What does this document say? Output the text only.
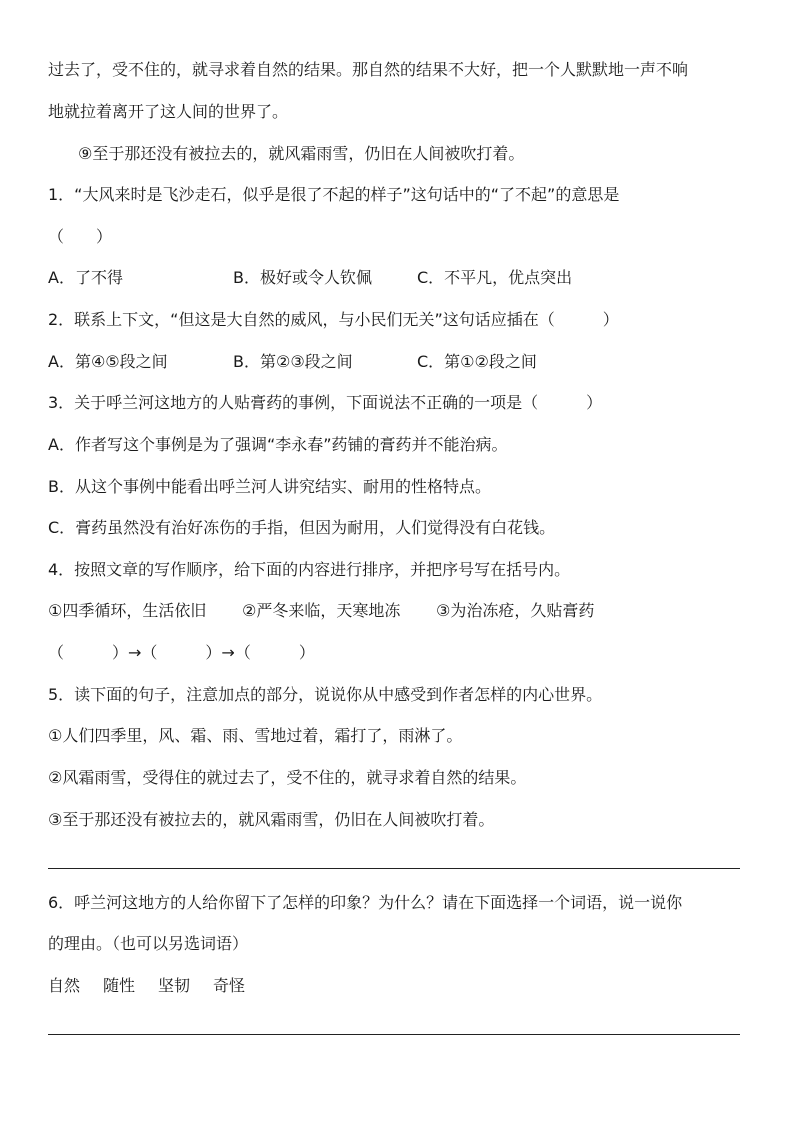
过去了，受不住的，就寻求着自然的结果。那自然的结果不大好，把一个人默默地一声不响
地就拉着离开了这人间的世界了。
⑨至于那还没有被拉去的，就风霜雨雪，仍旧在人间被吹打着。
1．“大风来时是飞沙走石，似乎是很了不起的样子”这句话中的“了不起”的意思是
（　　）
A．了不得	B．极好或令人钦佩	C．不平凡，优点突出
2．联系上下文，“但这是大自然的威风，与小民们无关”这句话应插在（　　　）
A．第④⑤段之间	B．第②③段之间	C．第①②段之间
3．关于呼兰河这地方的人贴膏药的事例，下面说法不正确的一项是（　　　）
A．作者写这个事例是为了强调“李永春”药铺的膏药并不能治病。
B．从这个事例中能看出呼兰河人讲究结实、耐用的性格特点。
C．膏药虽然没有治好冻伤的手指，但因为耐用，人们觉得没有白花钱。
4．按照文章的写作顺序，给下面的内容进行排序，并把序号写在括号内。
①四季循环，生活依旧	②严冬来临，天寒地冻	③为治冻疮，久贴膏药
（　　　）→（　　　）→（　　　）
5．读下面的句子，注意加点的部分，说说你从中感受到作者怎样的内心世界。
①人们四季里，风、霜、雨、雪地过着，霜打了，雨淋了。
②风霜雨雪，受得住的就过去了，受不住的，就寻求着自然的结果。
③至于那还没有被拉去的，就风霜雨雪，仍旧在人间被吹打着。
6．呼兰河这地方的人给你留下了怎样的印象？为什么？请在下面选择一个词语，说一说你
的理由。（也可以另选词语）
自然	随性	坚韧	奇怪
